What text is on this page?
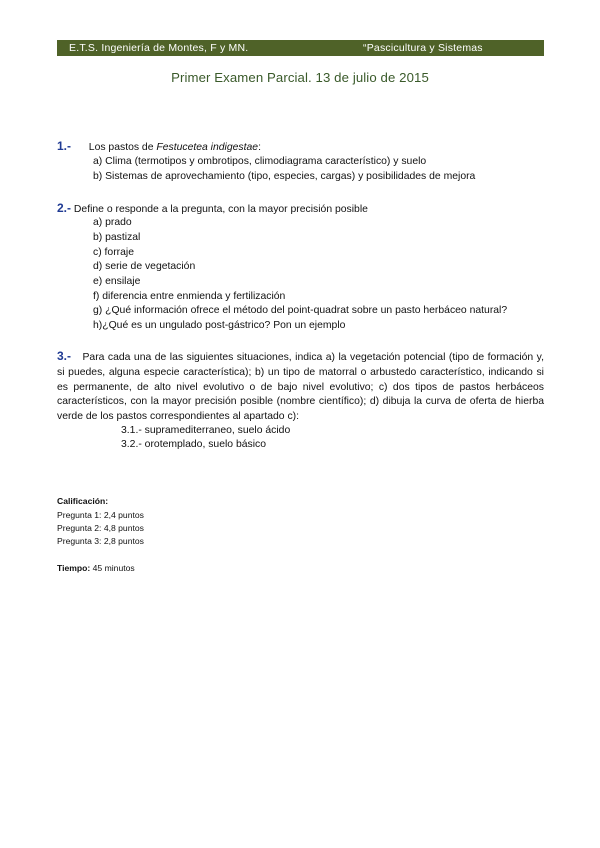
E.T.S. Ingeniería de Montes, F y MN.	“Pascicultura y Sistemas Agroforestales”
Primer Examen Parcial. 13 de julio de 2015
1.- Los pastos de Festucetea indigestae:
a) Clima (termotipos y ombrotipos, climodiagrama característico) y suelo
b) Sistemas de aprovechamiento (tipo, especies, cargas) y posibilidades de mejora
2.- Define o responde a la pregunta, con la mayor precisión posible
a) prado
b) pastizal
c) forraje
d) serie de vegetación
e) ensilaje
f) diferencia entre enmienda y fertilización
g) ¿Qué información ofrece el método del point-quadrat sobre un pasto herbáceo natural?
h)¿Qué es un ungulado post-gástrico? Pon un ejemplo
3.- Para cada una de las siguientes situaciones, indica a) la vegetación potencial (tipo de formación y, si puedes, alguna especie característica); b) un tipo de matorral o arbustedo característico, indicando si es permanente, de alto nivel evolutivo o de bajo nivel evolutivo; c) dos tipos de pastos herbáceos característicos, con la mayor precisión posible (nombre científico); d) dibuja la curva de oferta de hierba verde de los pastos correspondientes al apartado c):
3.1.- supramediterraneo, suelo ácido
3.2.- orotemplado, suelo básico
Calificación:
Pregunta 1: 2,4 puntos
Pregunta 2: 4,8 puntos
Pregunta 3: 2,8 puntos
Tiempo: 45 minutos
